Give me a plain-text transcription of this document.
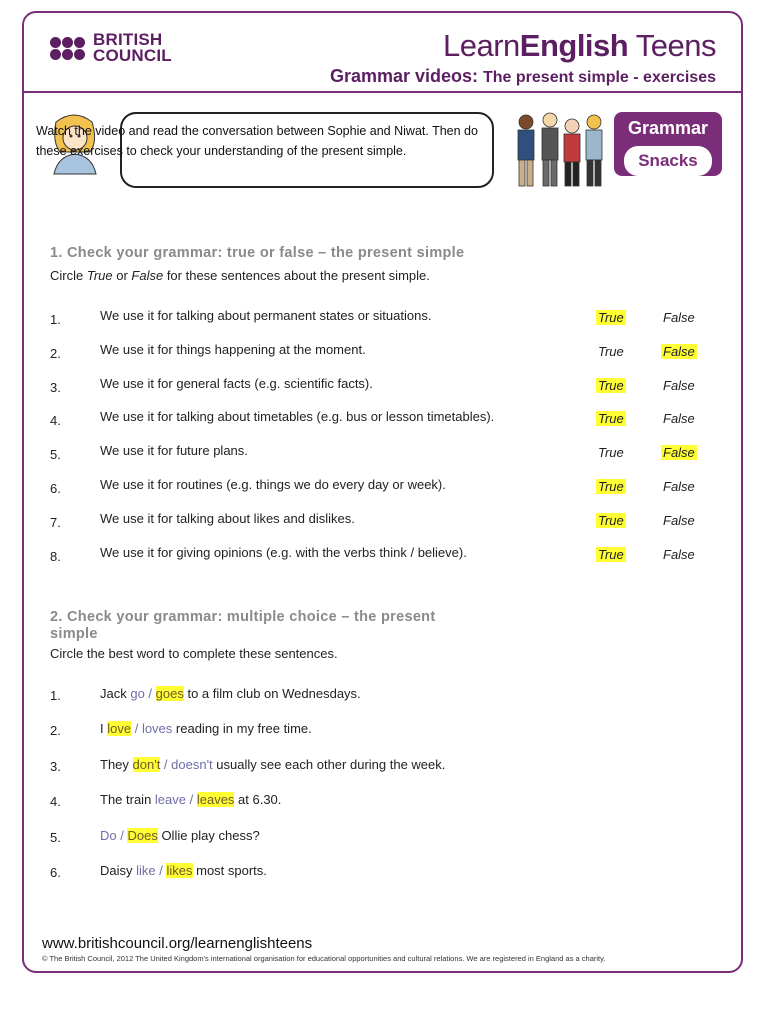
BRITISH
COUNCIL	LearnEnglish Teens
Grammar videos: The present simple - exercises
Watch the video and read the conversation between Sophie and Niwat. Then do these exercises to check your understanding of the present simple.
Grammar
Snacks
1. Check your grammar: true or false – the present simple
Circle True or False for these sentences about the present simple.
1.	We use it for talking about permanent states or situations.	True	False
2.	We use it for things happening at the moment.	True	False
3.	We use it for general facts (e.g. scientific facts).	True	False
4.	We use it for talking about timetables (e.g. bus or lesson timetables).	True	False
5.	We use it for future plans.	True	False
6.	We use it for routines (e.g. things we do every day or week).	True	False
7.	We use it for talking about likes and dislikes.	True	False
8.	We use it for giving opinions (e.g. with the verbs think / believe).	True	False
2. Check your grammar: multiple choice – the present
simple
Circle the best word to complete these sentences.
1.	Jack go / goes to a film club on Wednesdays.
2.	I love / loves reading in my free time.
3.	They don't / doesn't usually see each other during the week.
4.	The train leave / leaves at 6.30.
5.	Do / Does Ollie play chess?
6.	Daisy like / likes most sports.
www.britishcouncil.org/learnenglishteens
© The British Council, 2012 The United Kingdom's international organisation for educational opportunities and cultural relations. We are registered in England as a charity.
